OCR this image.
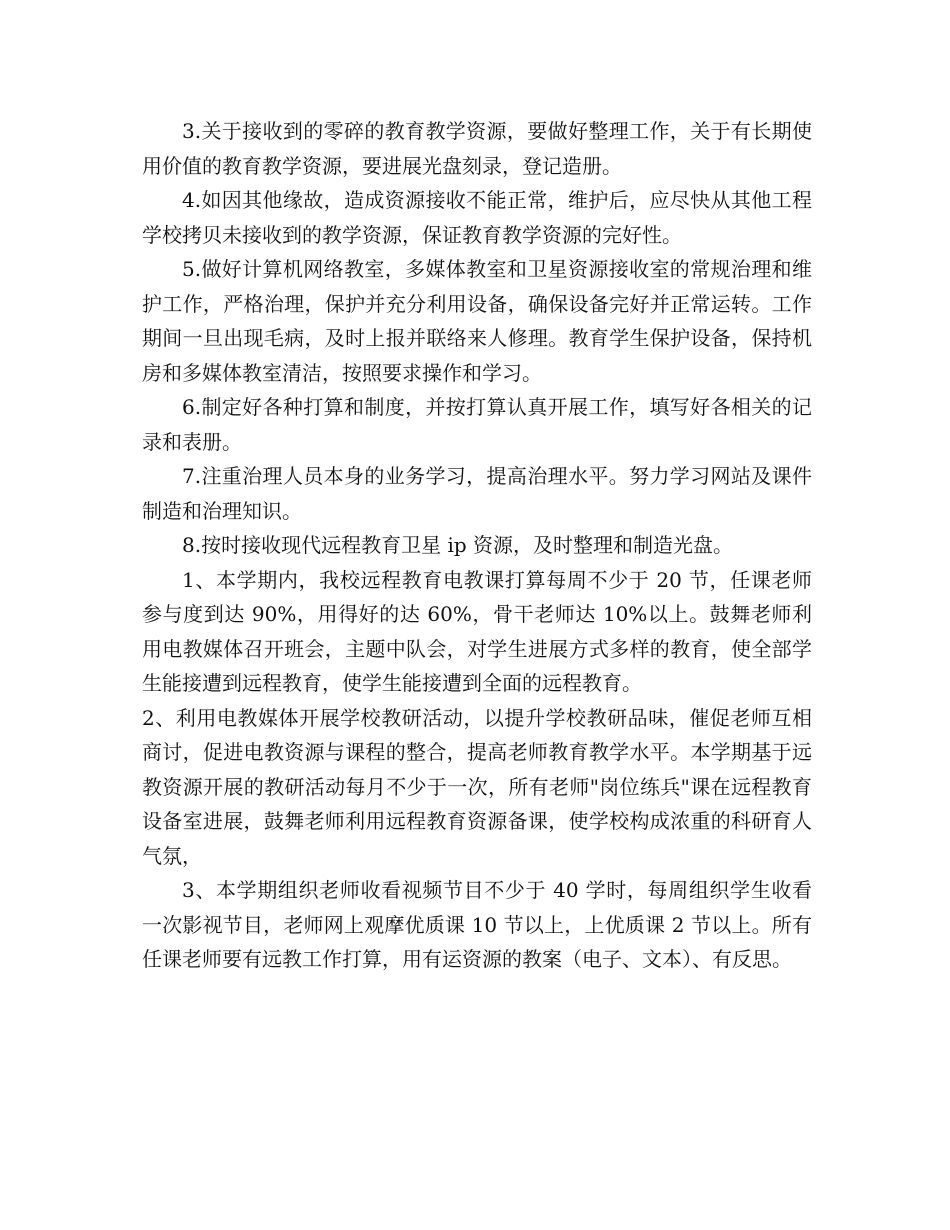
3.关于接收到的零碎的教育教学资源，要做好整理工作，关于有长期使用价值的教育教学资源，要进展光盘刻录，登记造册。

4.如因其他缘故，造成资源接收不能正常，维护后，应尽快从其他工程学校拷贝未接收到的教学资源，保证教育教学资源的完好性。

5.做好计算机网络教室，多媒体教室和卫星资源接收室的常规治理和维护工作，严格治理，保护并充分利用设备，确保设备完好并正常运转。工作期间一旦出现毛病，及时上报并联络来人修理。教育学生保护设备，保持机房和多媒体教室清洁，按照要求操作和学习。

6.制定好各种打算和制度，并按打算认真开展工作，填写好各相关的记录和表册。

7.注重治理人员本身的业务学习，提高治理水平。努力学习网站及课件制造和治理知识。

8.按时接收现代远程教育卫星 ip 资源，及时整理和制造光盘。

1、本学期内，我校远程教育电教课打算每周不少于 20 节，任课老师参与度到达 90%，用得好的达 60%，骨干老师达 10%以上。鼓舞老师利用电教媒体召开班会，主题中队会，对学生进展方式多样的教育，使全部学生能接遭到远程教育，使学生能接遭到全面的远程教育。

2、利用电教媒体开展学校教研活动，以提升学校教研品味，催促老师互相商讨，促进电教资源与课程的整合，提高老师教育教学水平。本学期基于远教资源开展的教研活动每月不少于一次，所有老师"岗位练兵"课在远程教育设备室进展，鼓舞老师利用远程教育资源备课，使学校构成浓重的科研育人气氛，

3、本学期组织老师收看视频节目不少于 40 学时，每周组织学生收看一次影视节目，老师网上观摩优质课 10 节以上，上优质课 2 节以上。所有任课老师要有远教工作打算，用有运资源的教案（电子、文本）、有反思。
